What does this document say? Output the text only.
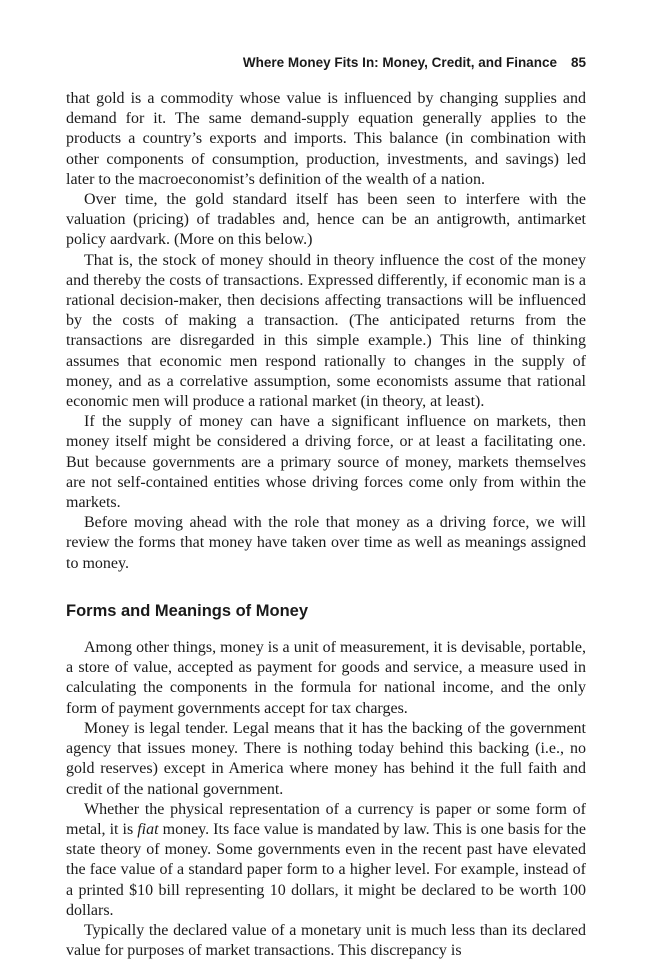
Where Money Fits In: Money, Credit, and Finance 85

that gold is a commodity whose value is influenced by changing supplies and demand for it. The same demand-supply equation generally applies to the products a country’s exports and imports. This balance (in combination with other components of consumption, production, investments, and savings) led later to the macroeconomist’s definition of the wealth of a nation.

Over time, the gold standard itself has been seen to interfere with the valuation (pricing) of tradables and, hence can be an antigrowth, antimarket policy aardvark. (More on this below.)

That is, the stock of money should in theory influence the cost of the money and thereby the costs of transactions. Expressed differently, if economic man is a rational decision-maker, then decisions affecting transactions will be influenced by the costs of making a transaction. (The anticipated returns from the transactions are disregarded in this simple example.) This line of thinking assumes that economic men respond rationally to changes in the supply of money, and as a correlative assumption, some economists assume that rational economic men will produce a rational market (in theory, at least).

If the supply of money can have a significant influence on markets, then money itself might be considered a driving force, or at least a facilitating one. But because governments are a primary source of money, markets themselves are not self-contained entities whose driving forces come only from within the markets.

Before moving ahead with the role that money as a driving force, we will review the forms that money have taken over time as well as meanings assigned to money.

Forms and Meanings of Money

Among other things, money is a unit of measurement, it is devisable, portable, a store of value, accepted as payment for goods and service, a measure used in calculating the components in the formula for national income, and the only form of payment governments accept for tax charges.

Money is legal tender. Legal means that it has the backing of the government agency that issues money. There is nothing today behind this backing (i.e., no gold reserves) except in America where money has behind it the full faith and credit of the national government.

Whether the physical representation of a currency is paper or some form of metal, it is fiat money. Its face value is mandated by law. This is one basis for the state theory of money. Some governments even in the recent past have elevated the face value of a standard paper form to a higher level. For example, instead of a printed $10 bill representing 10 dollars, it might be declared to be worth 100 dollars.

Typically the declared value of a monetary unit is much less than its declared value for purposes of market transactions. This discrepancy is
